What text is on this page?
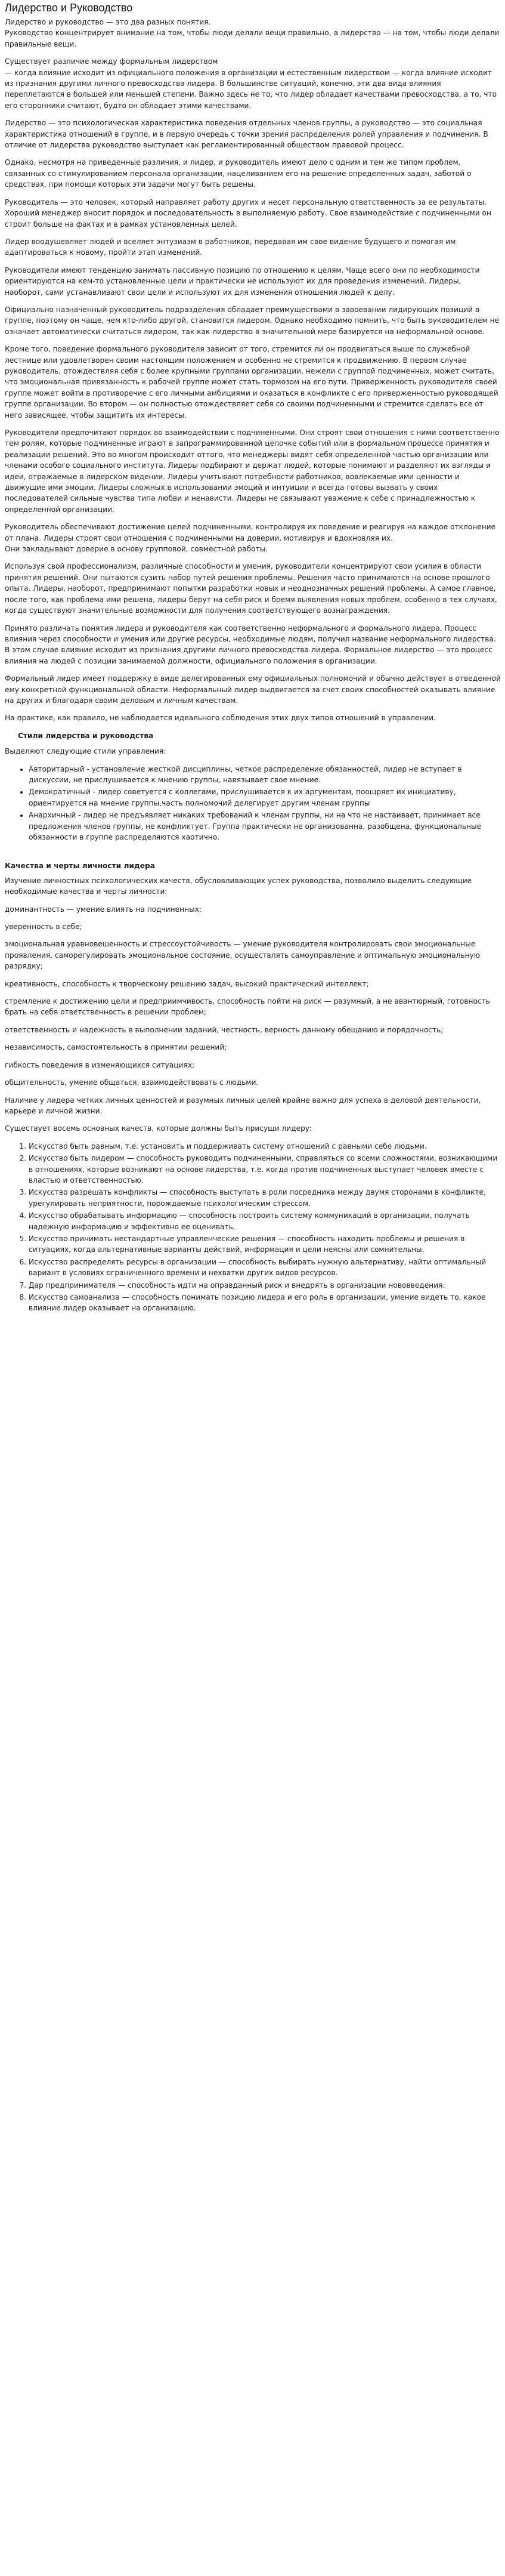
Лидерство и Руководство

Лидерство и руководство — это два разных понятия.
Руководство концентрирует внимание на том, чтобы люди делали вещи правильно, а лидерство — на том, чтобы люди делали правильные вещи.

Существует различие между формальным лидерством
— когда влияние исходит из официального положения в организации и естественным лидерством — когда влияние исходит из признания другими личного превосходства лидера. В большинстве ситуаций, конечно, эти два вида влияния переплетаются в большей или меньшей степени. Важно здесь не то, что лидер обладает качествами превосходства, а то, что его сторонники считают, будто он обладает этими качествами.

Лидерство — это психологическая характеристика поведения отдельных членов группы, а руководство — это социальная характеристика отношений в группе, и в первую очередь с точки зрения распределения ролей управления и подчинения. В отличие от лидерства руководство выступает как регламентированный обществом правовой процесс.

Однако, несмотря на приведенные различия, и лидер, и руководитель имеют дело с одним и тем же типом проблем, связанных со стимулированием персонала организации, нацеливанием его на решение определенных задач, заботой о средствах, при помощи которых эти задачи могут быть решены.

Руководитель — это человек, который направляет работу других и несет персональную ответственность за ее результаты. Хороший менеджер вносит порядок и последовательность в выполняемую работу. Свое взаимодействие с подчиненными он строит больше на фактах и в рамках установленных целей.

Лидер воодушевляет людей и вселяет энтузиазм в работников, передавая им свое видение будущего и помогая им адаптироваться к новому, пройти этап изменений.

Руководители имеют тенденцию занимать пассивную позицию по отношению к целям. Чаще всего они по необходимости ориентируются на кем-то установленные цели и практически не используют их для проведения изменений. Лидеры, наоборот, сами устанавливают свои цели и используют их для изменения отношения людей к делу.

Официально назначенный руководитель подразделения обладает преимуществами в завоевании лидирующих позиций в группе, поэтому он чаще, чем кто-либо другой, становится лидером. Однако необходимо помнить, что быть руководителем не означает автоматически считаться лидером, так как лидерство в значительной мере базируется на неформальной основе.

Кроме того, поведение формального руководителя зависит от того, стремится ли он продвигаться выше по служебной лестнице или удовлетворен своим настоящим положением и особенно не стремится к продвижению. В первом случае руководитель, отождествляя себя с более крупными группами организации, нежели с группой подчиненных, может считать, что эмоциональная привязанность к рабочей группе может стать тормозом на его пути. Приверженность руководителя своей группе может войти в противоречие с его личными амбициями и оказаться в конфликте с его приверженностью руководящей группе организации. Во втором — он полностью отождествляет себя со своими подчиненными и стремится сделать все от него зависящее, чтобы защитить их интересы.

Руководители предпочитают порядок во взаимодействии с подчиненными. Они строят свои отношения с ними соответственно тем ролям, которые подчиненные играют в запрограммированной цепочке событий или в формальном процессе принятия и реализации решений. Это во многом происходит оттого, что менеджеры видят себя определенной частью организации или членами особого социального института. Лидеры подбирают и держат людей, которые понимают и разделяют их взгляды и идеи, отражаемые в лидерском видении. Лидеры учитывают потребности работников, вовлекаемые ими ценности и движущие ими эмоции. Лидеры сложных в использовании эмоций и интуиции и всегда готовы вызвать у своих последователей сильные чувства типа любви и ненависти. Лидеры не связывают уважение к себе с принадлежностью к определенной организации.

Руководитель обеспечивают достижение целей подчиненными, контролируя их поведение и реагируя на каждое отклонение от плана. Лидеры строят свои отношения с подчиненными на доверии, мотивируя и вдохновляя их.
Они закладывают доверие в основу групповой, совместной работы.

Используя свой профессионализм, различные способности и умения, руководители концентрируют свои усилия в области принятия решений. Они пытаются сузить набор путей решения проблемы. Решения часто принимаются на основе прошлого опыта. Лидеры, наоборот, предпринимают попытки разработки новых и неоднозначных решений проблемы. А самое главное, после того, как проблема ими решена, лидеры берут на себя риск и бремя выявления новых проблем, особенно в тех случаях, когда существуют значительные возможности для получения соответствующего вознаграждения.

Принято различать понятия лидера и руководителя как соответственно неформального и формального лидера. Процесс влияния через способности и умения или другие ресурсы, необходимые людям, получил название неформального лидерства. В этом случае влияние исходит из признания другими личного превосходства лидера. Формальное лидерство — это процесс влияния на людей с позиции занимаемой должности, официального положения в организации.

Формальный лидер имеет поддержку в виде делегированных ему официальных полномочий и обычно действует в отведенной ему конкретной функциональной области. Неформальный лидер выдвигается за счет своих способностей оказывать влияние на других и благодаря своим деловым и личным качествам.

На практике, как правило, не наблюдается идеального соблюдения этих двух типов отношений в управлении.

Стили лидерства и руководства

Выделяют следующие стили управления:

• Авторитарный - установление жесткой дисциплины, четкое распределение обязанностей, лидер не вступает в дискуссии, не прислушивается к мнению группы, навязывает свое мнение.
• Демократичный - лидер советуется с коллегами, прислушивается к их аргументам, поощряет их инициативу, ориентируется на мнение группы,часть полномочий делегирует другим членам группы
• Анархичный - лидер не предъявляет никаких требований к членам группы, ни на что не настаивает, принимает все предложения членов группы, не конфликтует. Группа практически не организованна, разобщена, функциональные обязанности в группе распределяются хаотично.

Качества и черты личности лидера

Изучение личностных психологических качеств, обусловливающих успех руководства, позволило выделить следующие необходимые качества и черты личности:

доминантность — умение влиять на подчиненных;

уверенность в себе;

эмоциональная уравновешенность и стрессоустойчивость — умение руководителя контролировать свои эмоциональные проявления, саморегулировать эмоциональное состояние, осуществлять самоуправление и оптимальную эмоциональную разрядку;

креативность, способность к творческому решению задач, высокий практический интеллект;

стремление к достижению цели и предприимчивость, способность пойти на риск — разумный, а не авантюрный, готовность брать на себя ответственность в решении проблем;

ответственность и надежность в выполнении заданий, честность, верность данному обещанию и порядочность;

независимость, самостоятельность в принятии решений;

гибкость поведения в изменяющихся ситуациях;

общительность, умение общаться, взаимодействовать с людьми.

Наличие у лидера четких личных ценностей и разумных личных целей крайне важно для успеха в деловой деятельности, карьере и личной жизни.

Существует восемь основных качеств, которые должны быть присущи лидеру:

1. Искусство быть равным, т.е. установить и поддерживать систему отношений с равными себе людьми.
2. Искусство быть лидером — способность руководить подчиненными, справляться со всеми сложностями, возникающими в отношениях, которые возникают на основе лидерства, т.е. когда против подчиненных выступает человек вместе с властью и ответственностью.
3. Искусство разрешать конфликты — способность выступать в роли посредника между двумя сторонами в конфликте, урегулировать неприятности, порождаемые психологическим стрессом.
4. Искусство обрабатывать информацию — способность построить систему коммуникаций в организации, получать надежную информацию и эффективно ее оценивать.
5. Искусство принимать нестандартные управленческие решения — способность находить проблемы и решения в ситуациях, когда альтернативные варианты действий, информация и цели неясны или сомнительны.
6. Искусство распределять ресурсы в организации — способность выбирать нужную альтернативу, найти оптимальный вариант в условиях ограниченного времени и нехватки других видов ресурсов.
7. Дар предпринимателя — способность идти на оправданный риск и внедрять в организации нововведения.
8. Искусство самоанализа — способность понимать позицию лидера и его роль в организации, умение видеть то, какое влияние лидер оказывает на организацию.
